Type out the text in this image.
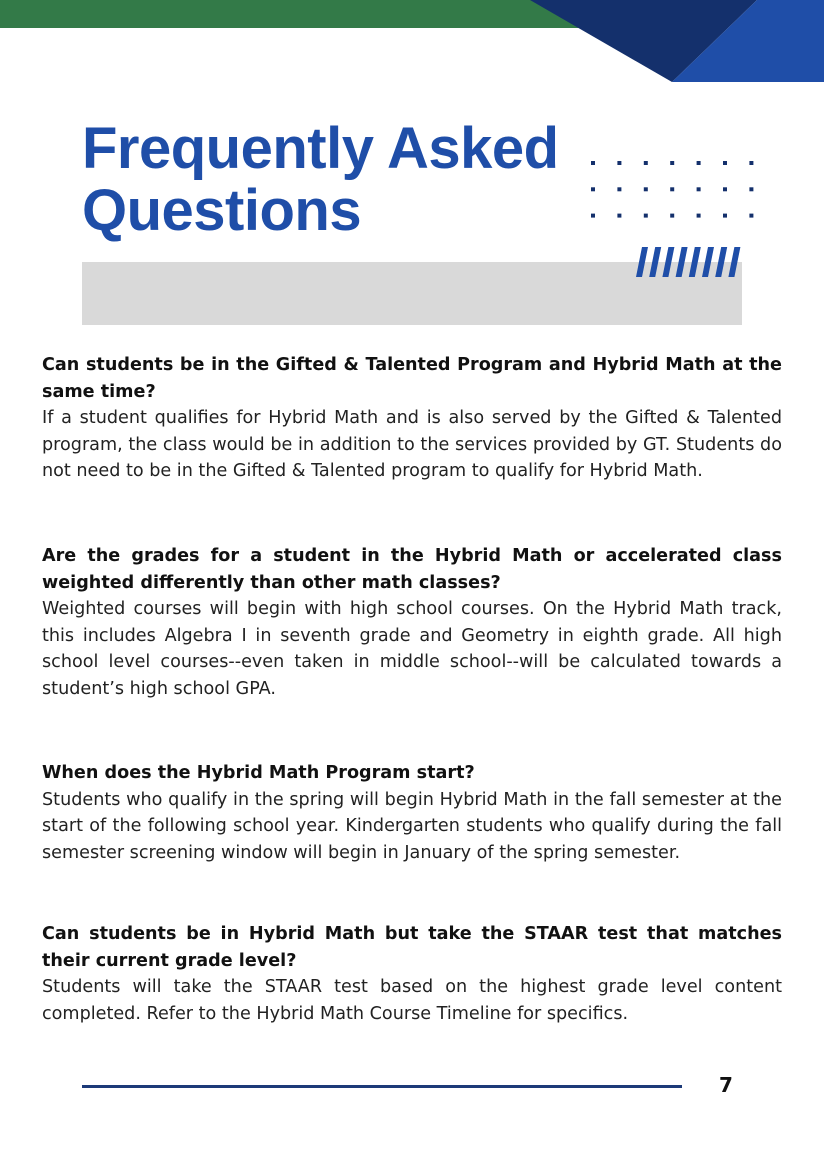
Frequently Asked
Questions
Can students be in the Gifted & Talented Program and Hybrid Math at the same time?
If a student qualifies for Hybrid Math and is also served by the Gifted & Talented program, the class would be in addition to the services provided by GT. Students do not need to be in the Gifted & Talented program to qualify for Hybrid Math.
Are the grades for a student in the Hybrid Math or accelerated class weighted differently than other math classes?
Weighted courses will begin with high school courses. On the Hybrid Math track, this includes Algebra I in seventh grade and Geometry in eighth grade. All high school level courses--even taken in middle school--will be calculated towards a student’s high school GPA.
When does the Hybrid Math Program start?
Students who qualify in the spring will begin Hybrid Math in the fall semester at the start of the following school year. Kindergarten students who qualify during the fall semester screening window will begin in January of the spring semester.
Can students be in Hybrid Math but take the STAAR test that matches their current grade level?
Students will take the STAAR test based on the highest grade level content completed. Refer to the Hybrid Math Course Timeline for specifics.
7
